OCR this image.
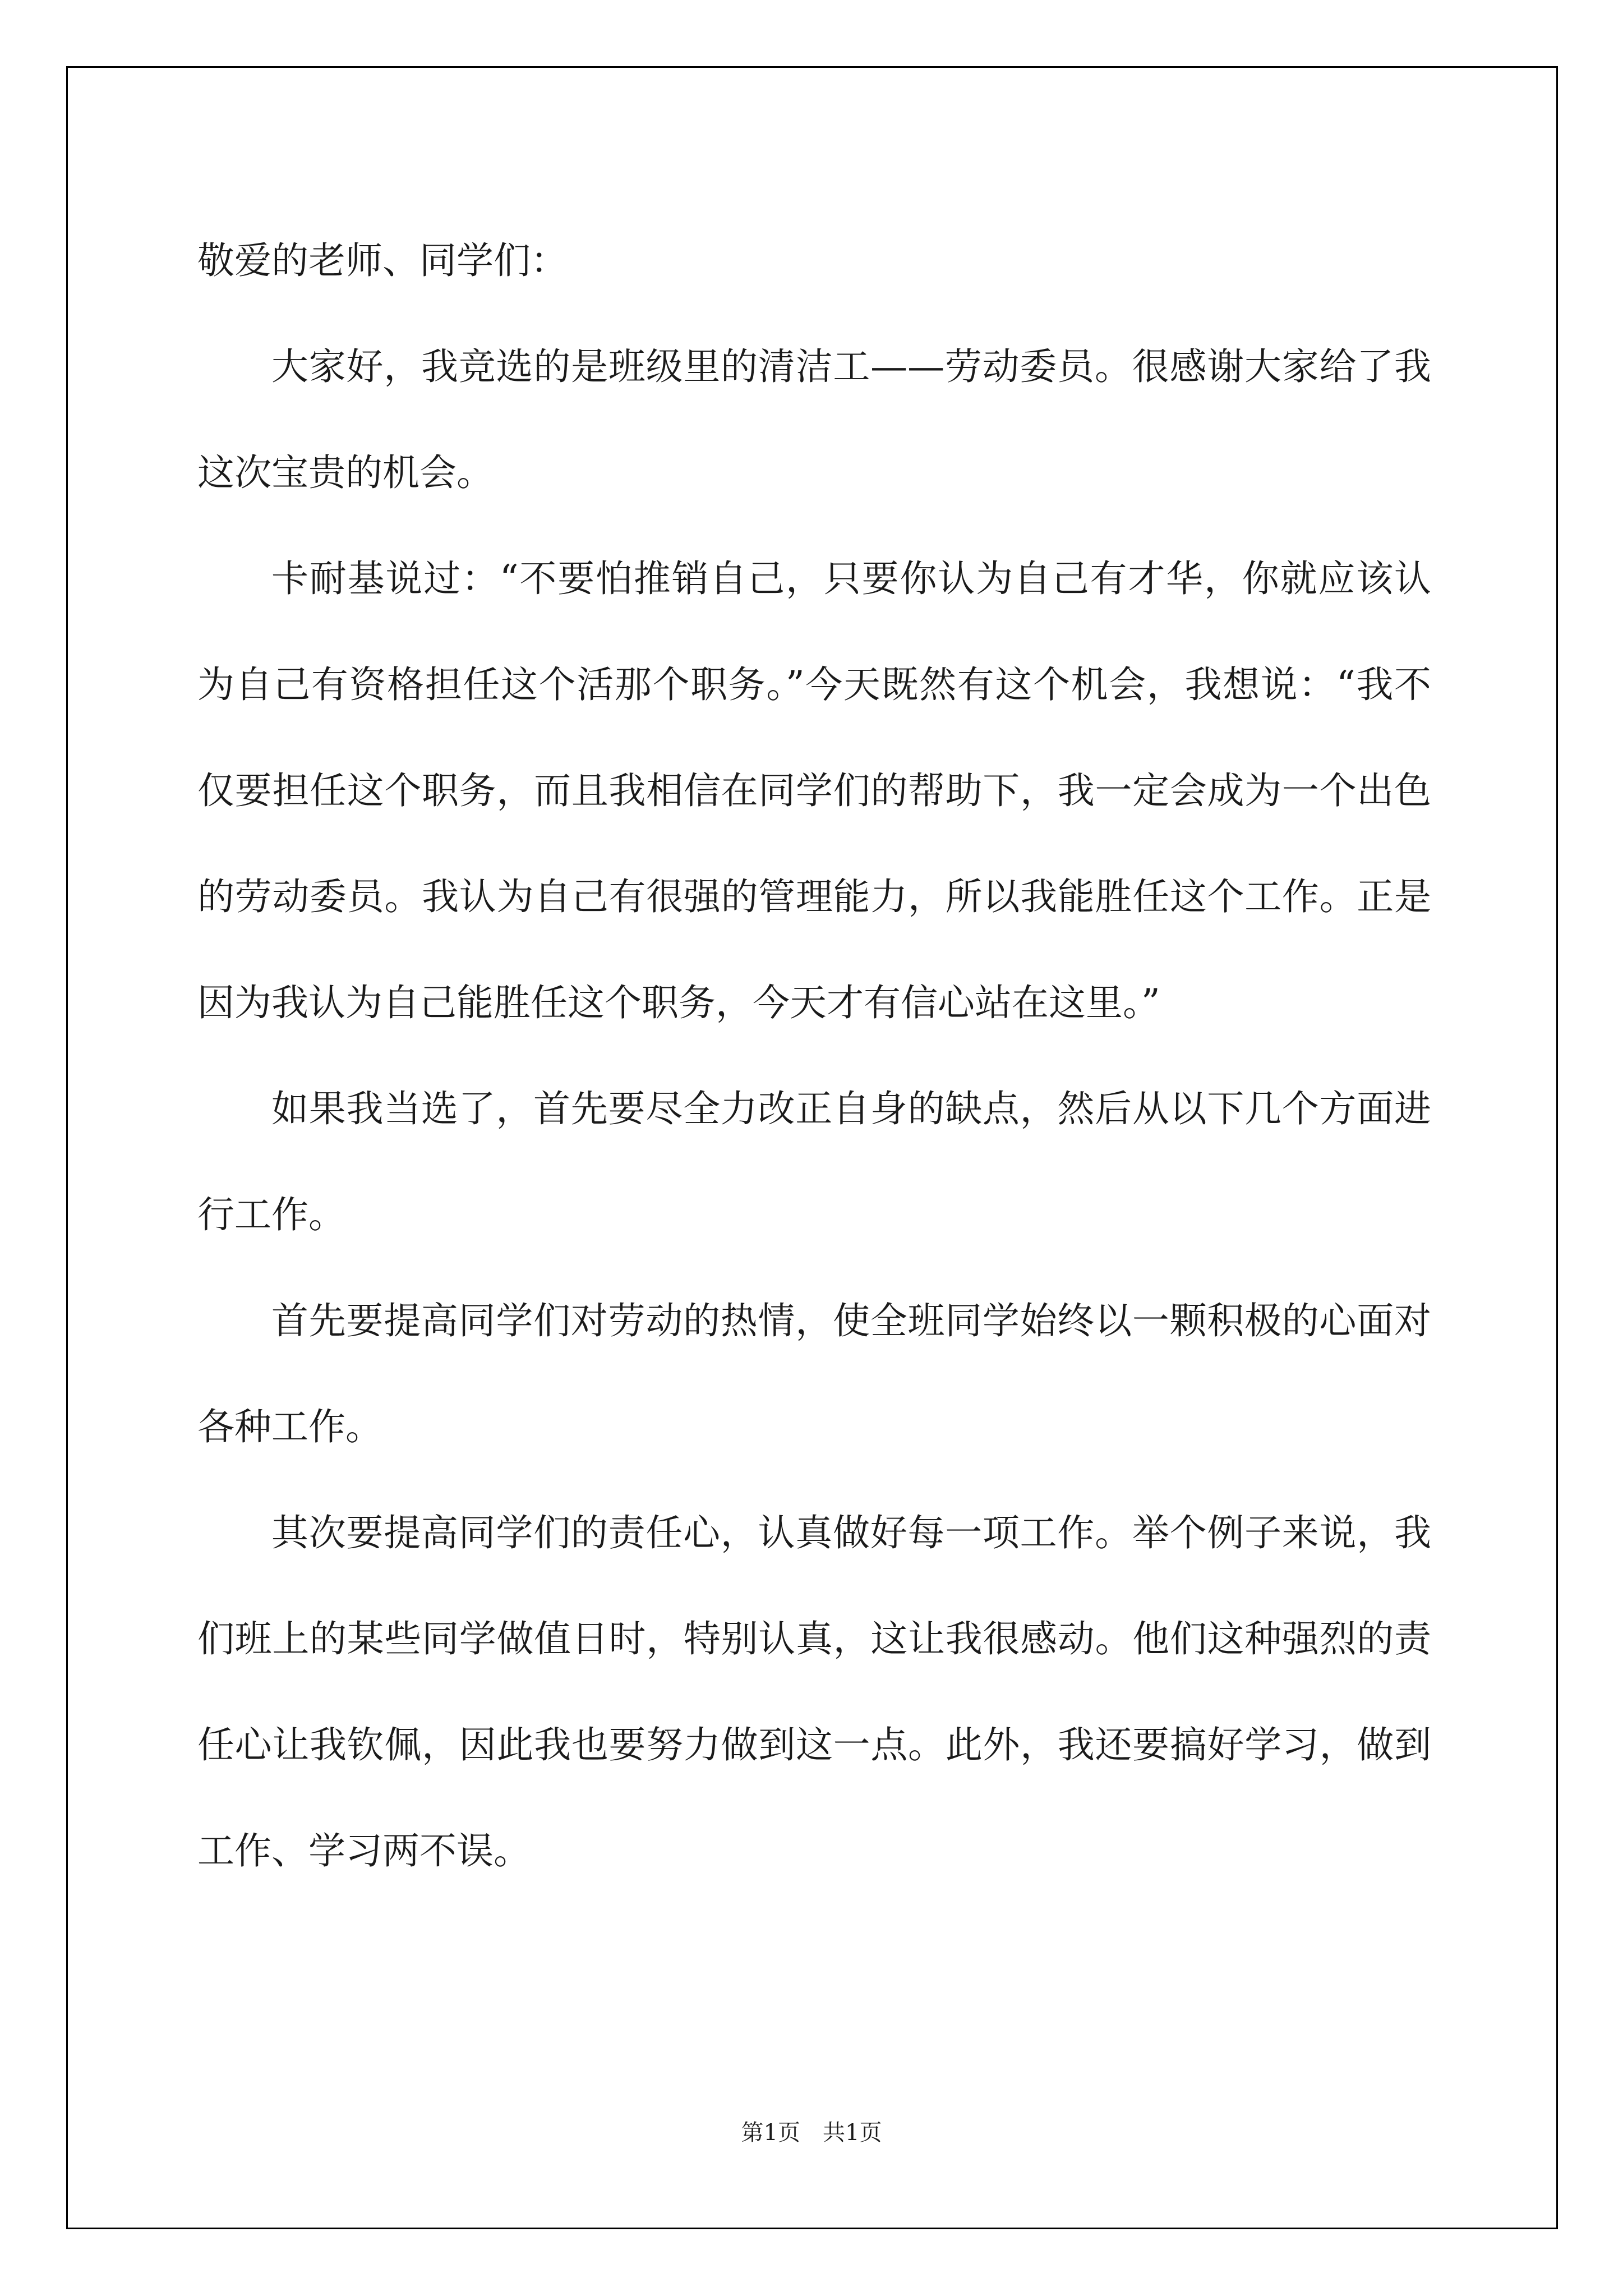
敬爱的老师、同学们：

大家好，我竞选的是班级里的清洁工——劳动委员。很感谢大家给了我这次宝贵的机会。

卡耐基说过：“不要怕推销自己，只要你认为自己有才华，你就应该认为自己有资格担任这个活那个职务。”今天既然有这个机会，我想说：“我不仅要担任这个职务，而且我相信在同学们的帮助下，我一定会成为一个出色的劳动委员。我认为自己有很强的管理能力，所以我能胜任这个工作。正是因为我认为自己能胜任这个职务，今天才有信心站在这里。”

如果我当选了，首先要尽全力改正自身的缺点，然后从以下几个方面进行工作。

首先要提高同学们对劳动的热情，使全班同学始终以一颗积极的心面对各种工作。

其次要提高同学们的责任心，认真做好每一项工作。举个例子来说，我们班上的某些同学做值日时，特别认真，这让我很感动。他们这种强烈的责任心让我钦佩，因此我也要努力做到这一点。此外，我还要搞好学习，做到工作、学习两不误。

第1页　共1页
